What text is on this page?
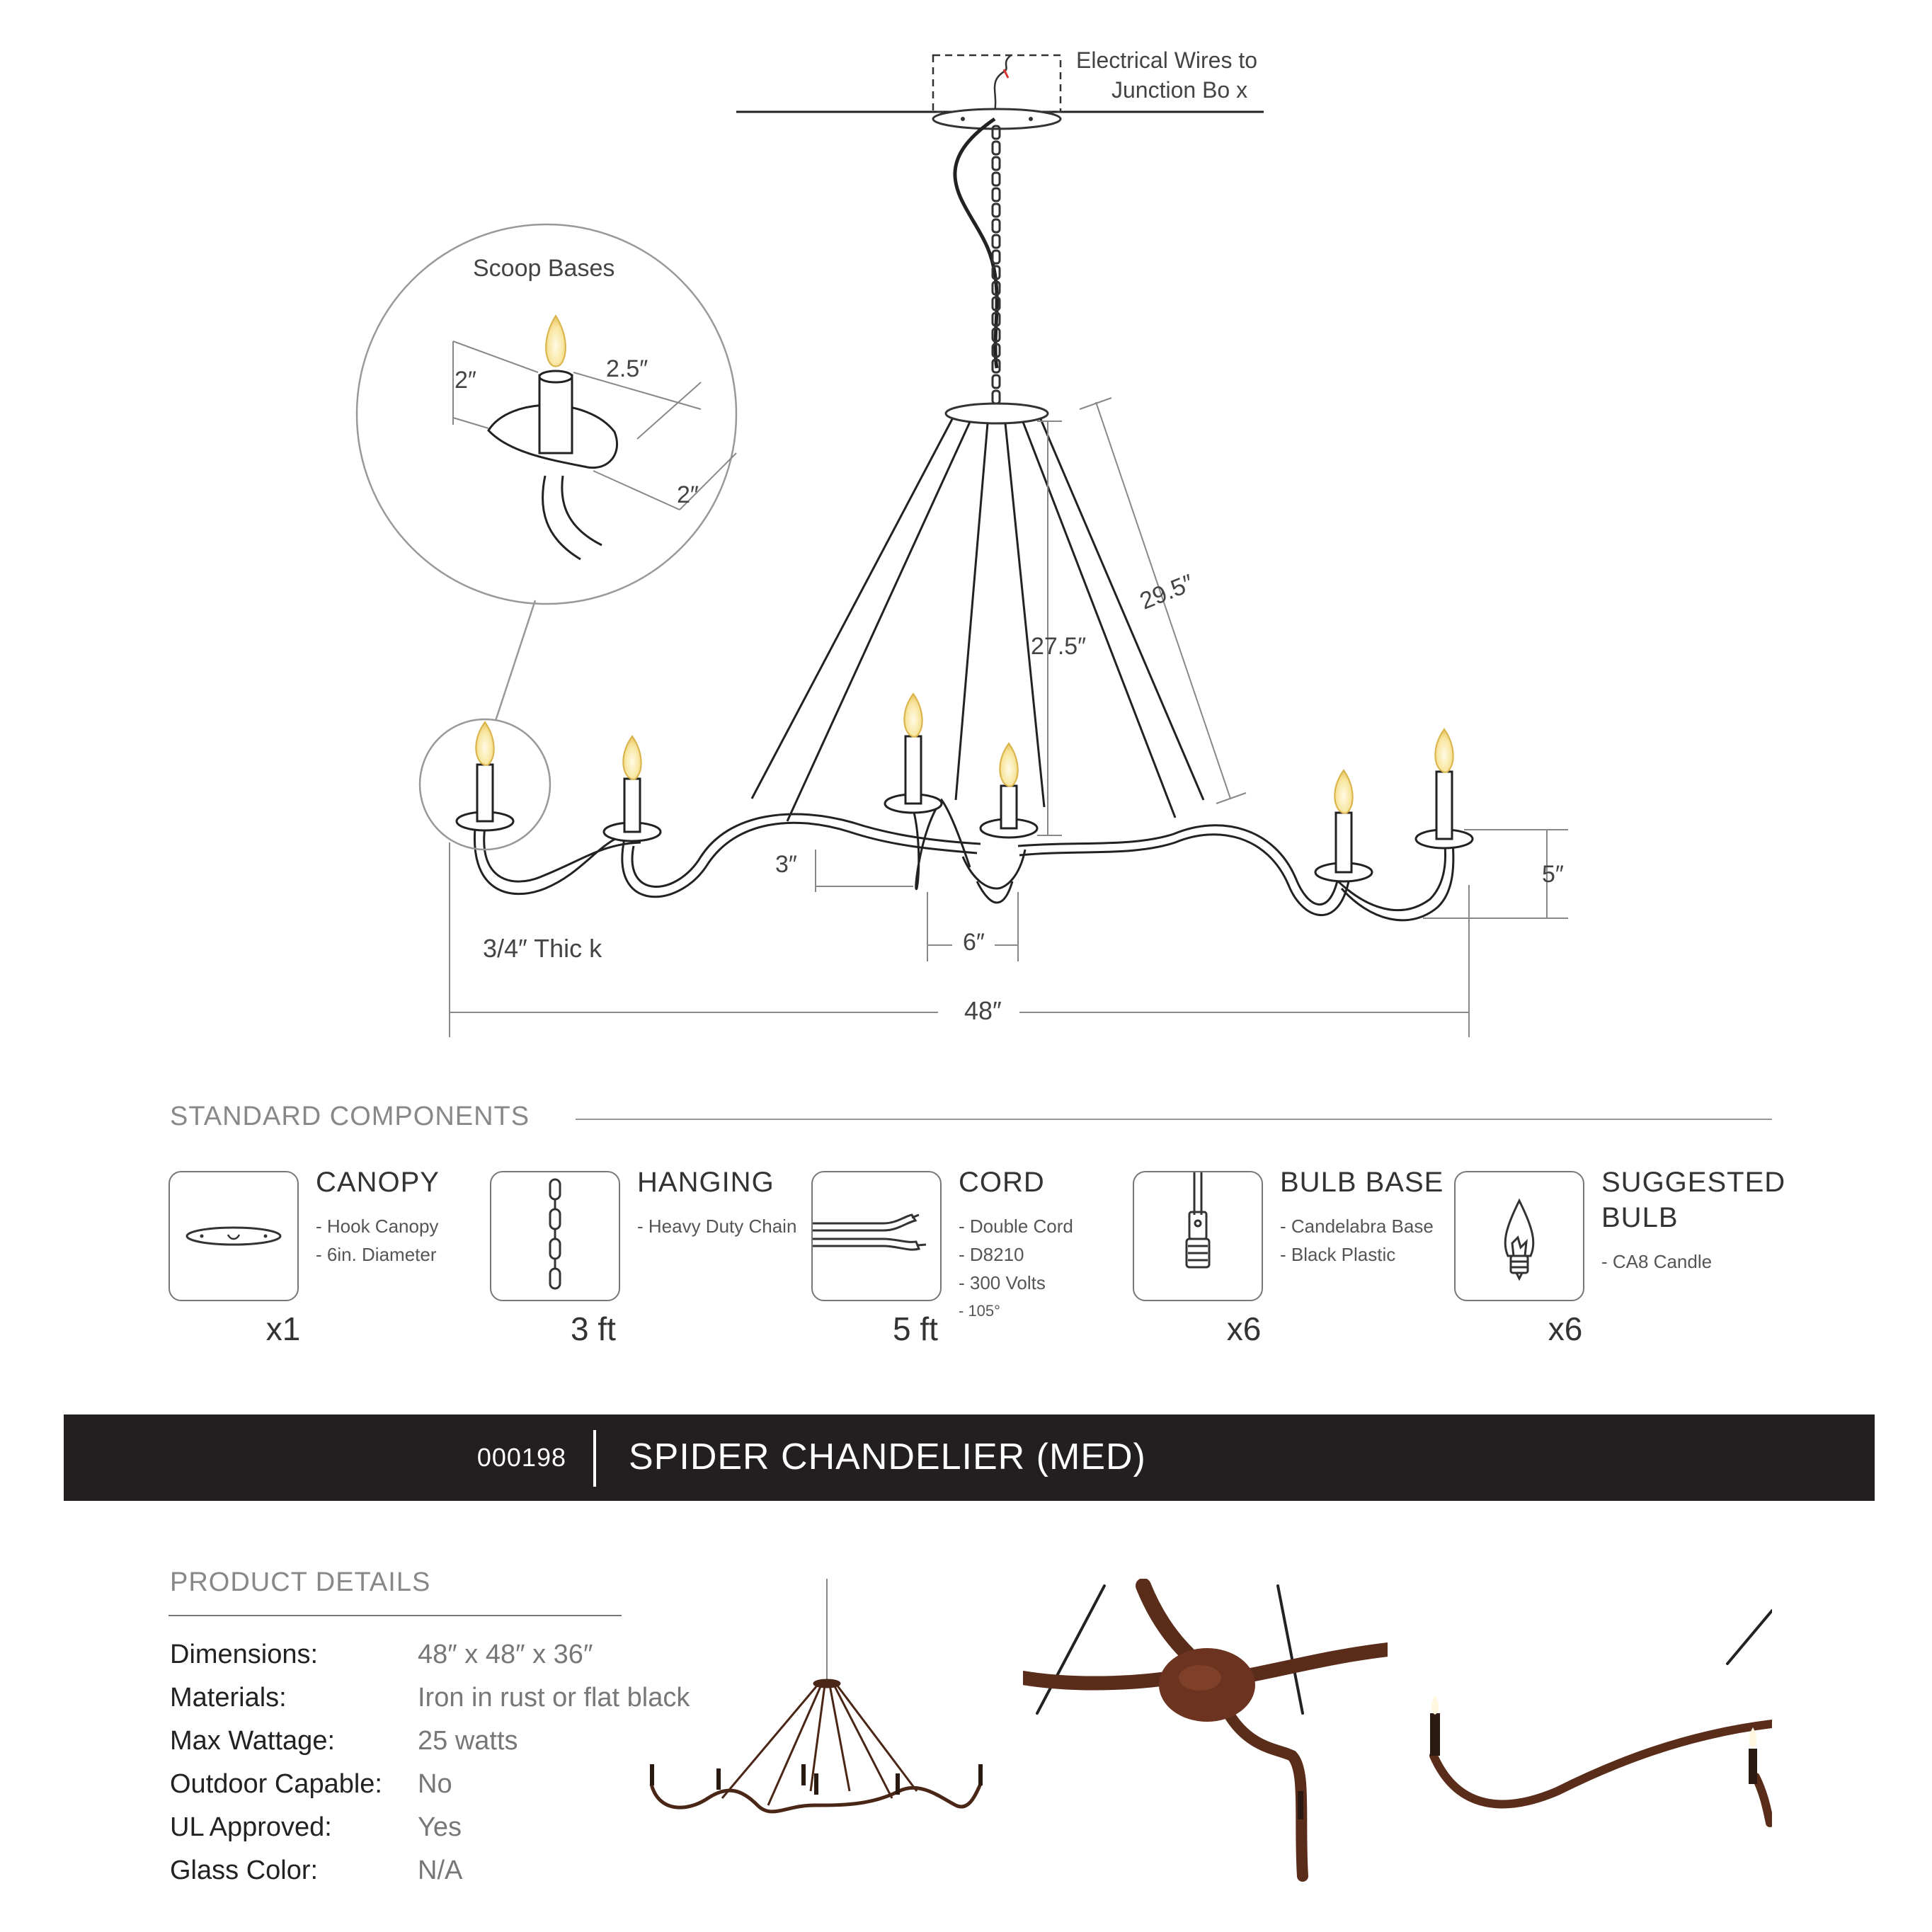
Electrical Wires to
Junction Bo x
Scoop Bases
2″	2.5″
2″
29.5″
27.5″
3″
6″
5″
3/4″ Thic k
48″
STANDARD COMPONENTS
CANOPY
- Hook Canopy
- 6in. Diameter
x1
HANGING
- Heavy Duty Chain
3 ft
CORD
- Double Cord
- D8210
- 300 Volts
- 105°
5 ft
BULB BASE
- Candelabra Base
- Black Plastic
x6
SUGGESTED
BULB
- CA8 Candle
x6
000198 SPIDER CHANDELIER (MED)
PRODUCT DETAILS
Dimensions:	48″ x 48″ x 36″
Materials:	Iron in rust or flat black
Max Wattage:	25 watts
Outdoor Capable: No
UL Approved:	Yes
Glass Color:	N/A
